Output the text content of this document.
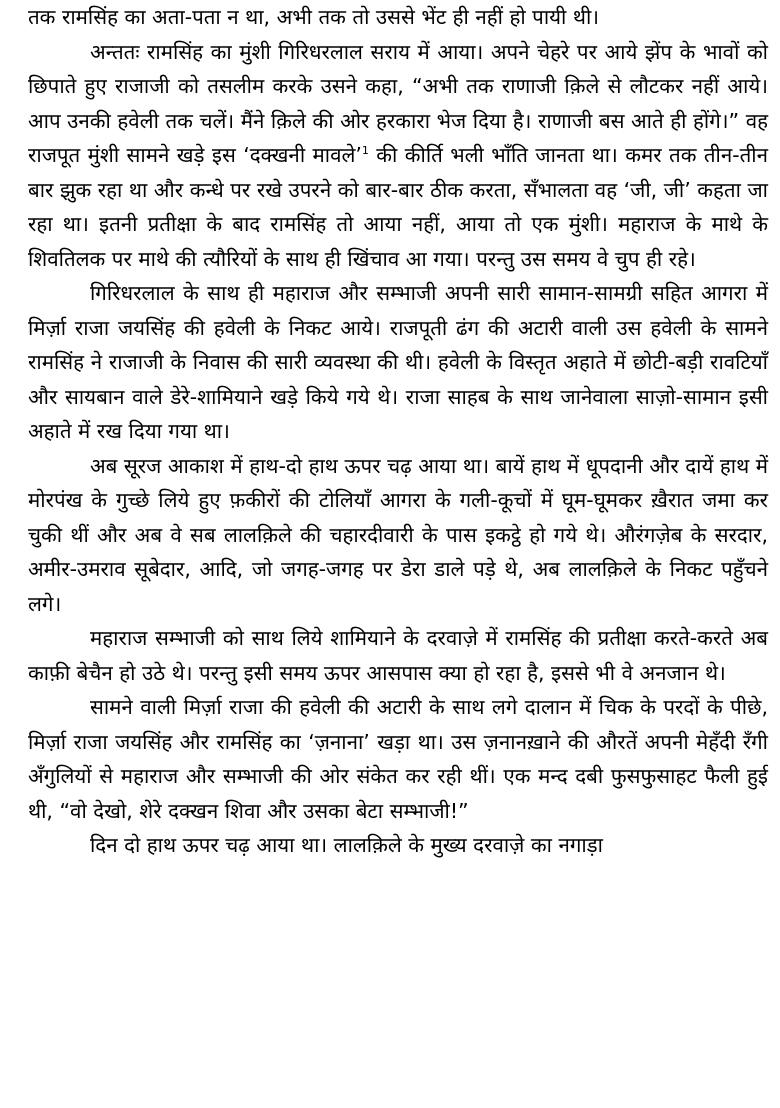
तक रामसिंह का अता-पता न था, अभी तक तो उससे भेंट ही नहीं हो पायी थी।

अन्ततः रामसिंह का मुंशी गिरिधरलाल सराय में आया। अपने चेहरे पर आये झेंप के भावों को छिपाते हुए राजाजी को तसलीम करके उसने कहा, “अभी तक राणाजी क़िले से लौटकर नहीं आये। आप उनकी हवेली तक चलें। मैंने क़िले की ओर हरकारा भेज दिया है। राणाजी बस आते ही होंगे।” वह राजपूत मुंशी सामने खड़े इस ‘दक्खनी मावले’$^1$ की कीर्ति भली भाँति जानता था। कमर तक तीन-तीन बार झुक रहा था और कन्धे पर रखे उपरने को बार-बार ठीक करता, सँभालता वह ‘जी, जी’ कहता जा रहा था। इतनी प्रतीक्षा के बाद रामसिंह तो आया नहीं, आया तो एक मुंशी। महाराज के माथे के शिवतिलक पर माथे की त्यौरियों के साथ ही खिंचाव आ गया। परन्तु उस समय वे चुप ही रहे।

गिरिधरलाल के साथ ही महाराज और सम्भाजी अपनी सारी सामान-सामग्री सहित आगरा में मिर्ज़ा राजा जयसिंह की हवेली के निकट आये। राजपूती ढंग की अटारी वाली उस हवेली के सामने रामसिंह ने राजाजी के निवास की सारी व्यवस्था की थी। हवेली के विस्तृत अहाते में छोटी-बड़ी रावटियाँ और सायबान वाले डेरे-शामियाने खड़े किये गये थे। राजा साहब के साथ जानेवाला साज़ो-सामान इसी अहाते में रख दिया गया था।

अब सूरज आकाश में हाथ-दो हाथ ऊपर चढ़ आया था। बायें हाथ में धूपदानी और दायें हाथ में मोरपंख के गुच्छे लिये हुए फ़कीरों की टोलियाँ आगरा के गली-कूचों में घूम-घूमकर ख़ैरात जमा कर चुकी थीं और अब वे सब लालक़िले की चहारदीवारी के पास इकट्ठे हो गये थे। औरंगज़ेब के सरदार, अमीर-उमराव सूबेदार, आदि, जो जगह-जगह पर डेरा डाले पड़े थे, अब लालक़िले के निकट पहुँचने लगे।

महाराज सम्भाजी को साथ लिये शामियाने के दरवाज़े में रामसिंह की प्रतीक्षा करते-करते अब काफ़ी बेचैन हो उठे थे। परन्तु इसी समय ऊपर आसपास क्या हो रहा है, इससे भी वे अनजान थे।

सामने वाली मिर्ज़ा राजा की हवेली की अटारी के साथ लगे दालान में चिक के परदों के पीछे, मिर्ज़ा राजा जयसिंह और रामसिंह का ‘ज़नाना’ खड़ा था। उस ज़नानख़ाने की औरतें अपनी मेहँदी रँगी अँगुलियों से महाराज और सम्भाजी की ओर संकेत कर रही थीं। एक मन्द दबी फुसफुसाहट फैली हुई थी, “वो देखो, शेरे दक्खन शिवा और उसका बेटा सम्भाजी!”

दिन दो हाथ ऊपर चढ़ आया था। लालक़िले के मुख्य दरवाज़े का नगाड़ा
